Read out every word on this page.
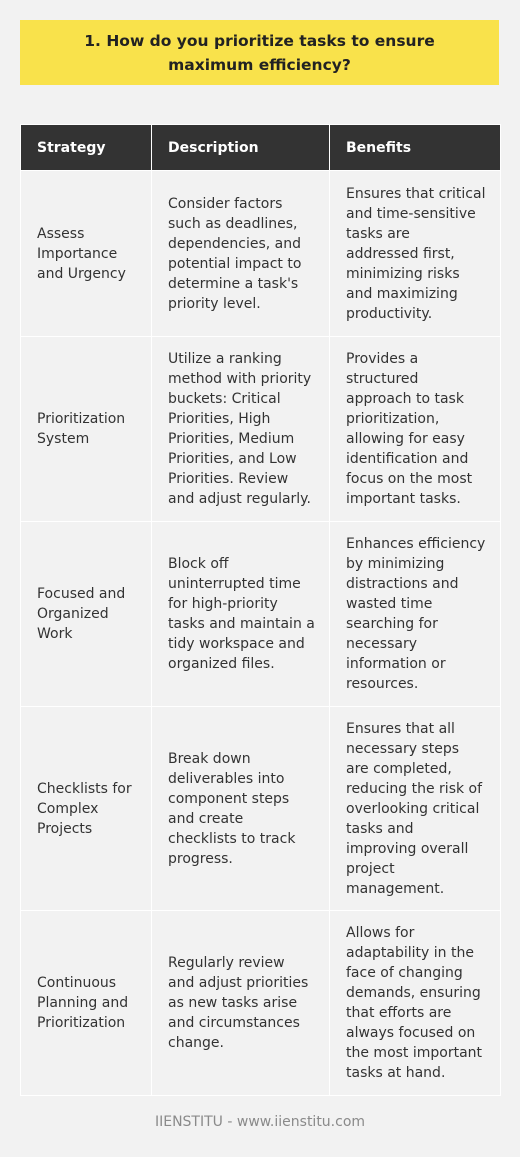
1. How do you prioritize tasks to ensure maximum efficiency?
Strategy	Description	Benefits
Assess Importance and Urgency	Consider factors such as deadlines, dependencies, and potential impact to determine a task's priority level.	Ensures that critical and time-sensitive tasks are addressed first, minimizing risks and maximizing productivity.
Prioritization System	Utilize a ranking method with priority buckets: Critical Priorities, High Priorities, Medium Priorities, and Low Priorities. Review and adjust regularly.	Provides a structured approach to task prioritization, allowing for easy identification and focus on the most important tasks.
Focused and Organized Work	Block off uninterrupted time for high-priority tasks and maintain a tidy workspace and organized files.	Enhances efficiency by minimizing distractions and wasted time searching for necessary information or resources.
Checklists for Complex Projects	Break down deliverables into component steps and create checklists to track progress.	Ensures that all necessary steps are completed, reducing the risk of overlooking critical tasks and improving overall project management.
Continuous Planning and Prioritization	Regularly review and adjust priorities as new tasks arise and circumstances change.	Allows for adaptability in the face of changing demands, ensuring that efforts are always focused on the most important tasks at hand.
IIENSTITU - www.iienstitu.com
